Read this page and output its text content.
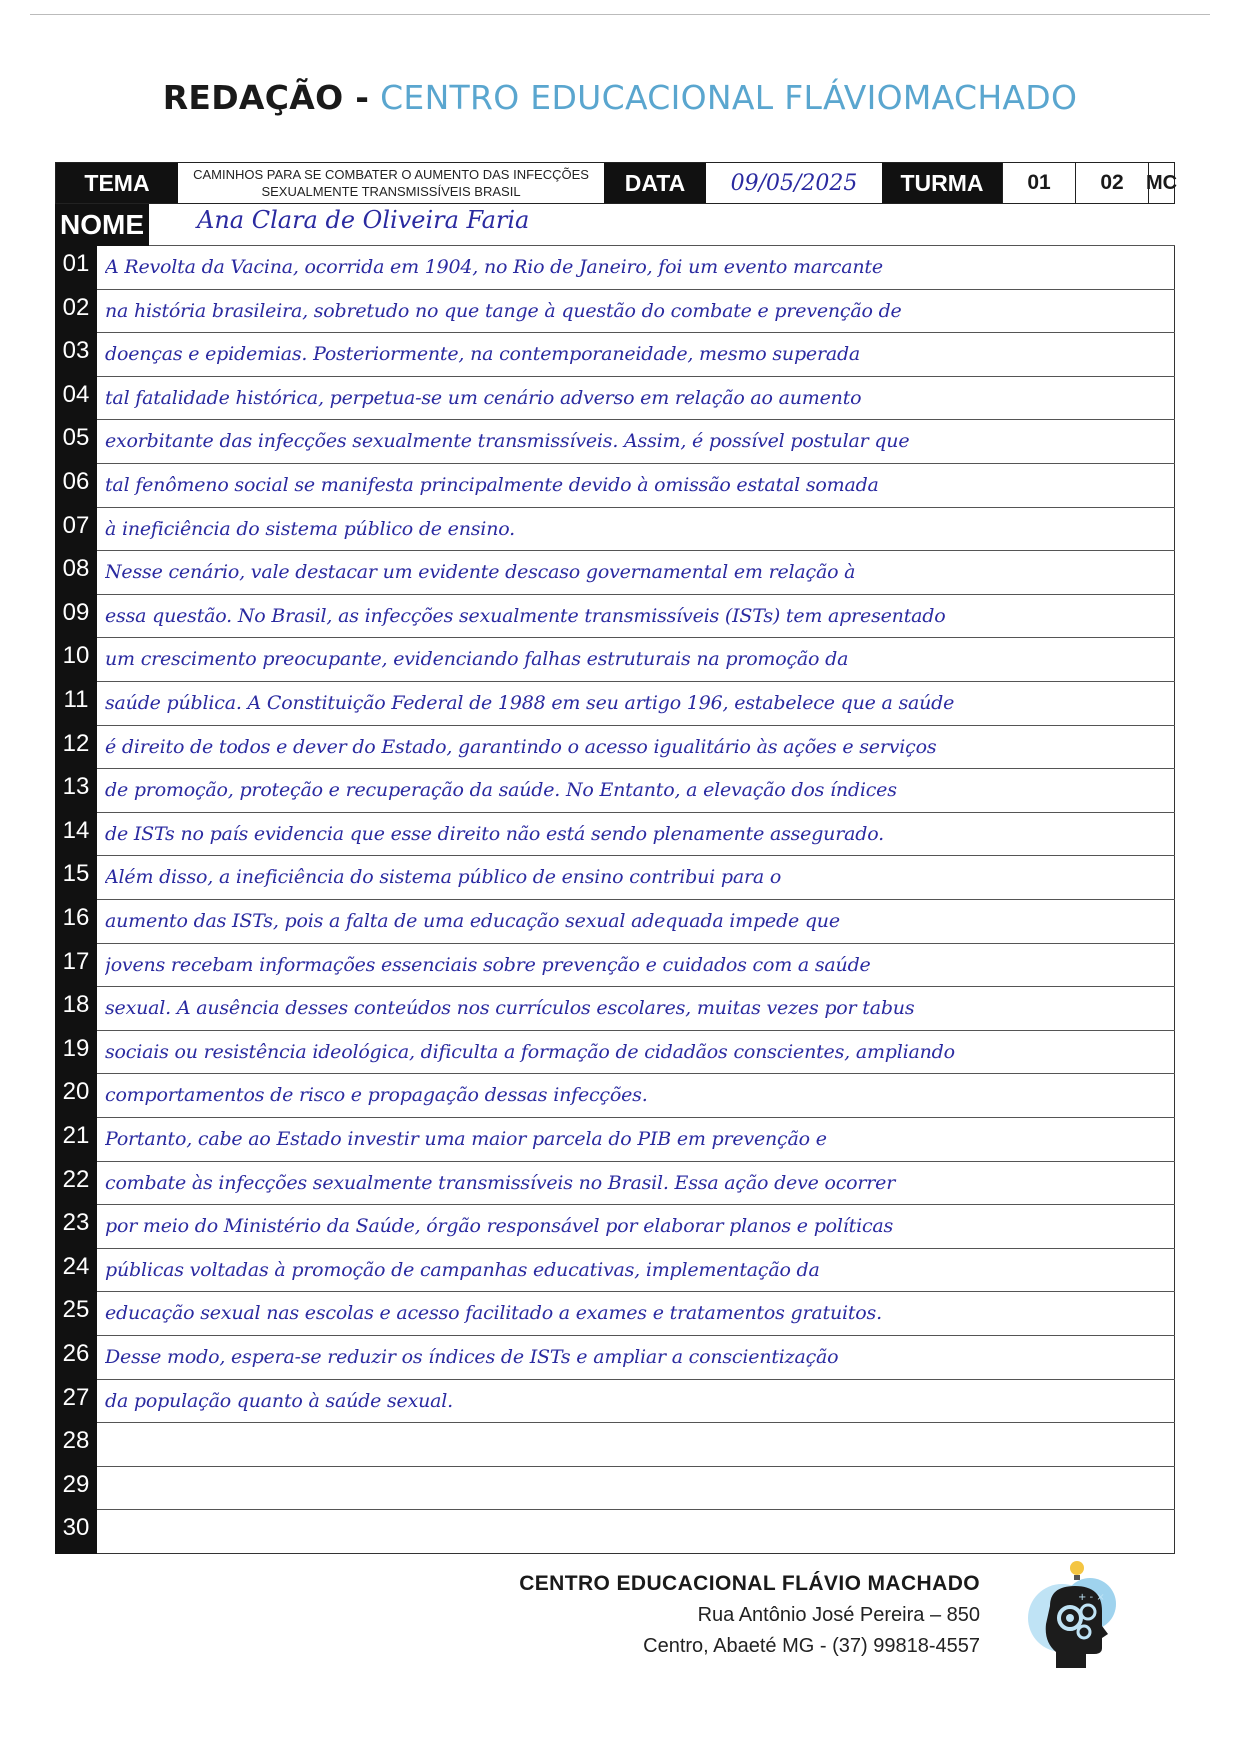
REDAÇÃO - CENTRO EDUCACIONAL FLÁVIOMACHADO
TEMA	CAMINHOS PARA SE COMBATER O AUMENTO DAS INFECÇÕES SEXUALMENTE TRANSMISSÍVEIS BRASIL	DATA	09/05/2025	TURMA	01	02	MC
NOME Ana Clara de Oliveira Faria
01 A Revolta da Vacina, ocorrida em 1904, no Rio de Janeiro, foi um evento marcante
02 na história brasileira, sobretudo no que tange à questão do combate e prevenção de
03 doenças e epidemias. Posteriormente, na contemporaneidade, mesmo superada
04 tal fatalidade histórica, perpetua-se um cenário adverso em relação ao aumento
05 exorbitante das infecções sexualmente transmissíveis. Assim, é possível postular que
06 tal fenômeno social se manifesta principalmente devido à omissão estatal somada
07 à ineficiência do sistema público de ensino.
08 Nesse cenário, vale destacar um evidente descaso governamental em relação à
09 essa questão. No Brasil, as infecções sexualmente transmissíveis (ISTs) tem apresentado
10 um crescimento preocupante, evidenciando falhas estruturais na promoção da
11 saúde pública. A Constituição Federal de 1988 em seu artigo 196, estabelece que a saúde
12 é direito de todos e dever do Estado, garantindo o acesso igualitário às ações e serviços
13 de promoção, proteção e recuperação da saúde. No Entanto, a elevação dos índices
14 de ISTs no país evidencia que esse direito não está sendo plenamente assegurado.
15 Além disso, a ineficiência do sistema público de ensino contribui para o
16 aumento das ISTs, pois a falta de uma educação sexual adequada impede que
17 jovens recebam informações essenciais sobre prevenção e cuidados com a saúde
18 sexual. A ausência desses conteúdos nos currículos escolares, muitas vezes por tabus
19 sociais ou resistência ideológica, dificulta a formação de cidadãos conscientes, ampliando
20 comportamentos de risco e propagação dessas infecções.
21 Portanto, cabe ao Estado investir uma maior parcela do PIB em prevenção e
22 combate às infecções sexualmente transmissíveis no Brasil. Essa ação deve ocorrer
23 por meio do Ministério da Saúde, órgão responsável por elaborar planos e políticas
24 públicas voltadas à promoção de campanhas educativas, implementação da
25 educação sexual nas escolas e acesso facilitado a exames e tratamentos gratuitos.
26 Desse modo, espera-se reduzir os índices de ISTs e ampliar a conscientização
27 da população quanto à saúde sexual.
28
29
30
CENTRO EDUCACIONAL FLÁVIO MACHADO
Rua Antônio José Pereira – 850
Centro, Abaeté MG - (37) 99818-4557
+ - ×
